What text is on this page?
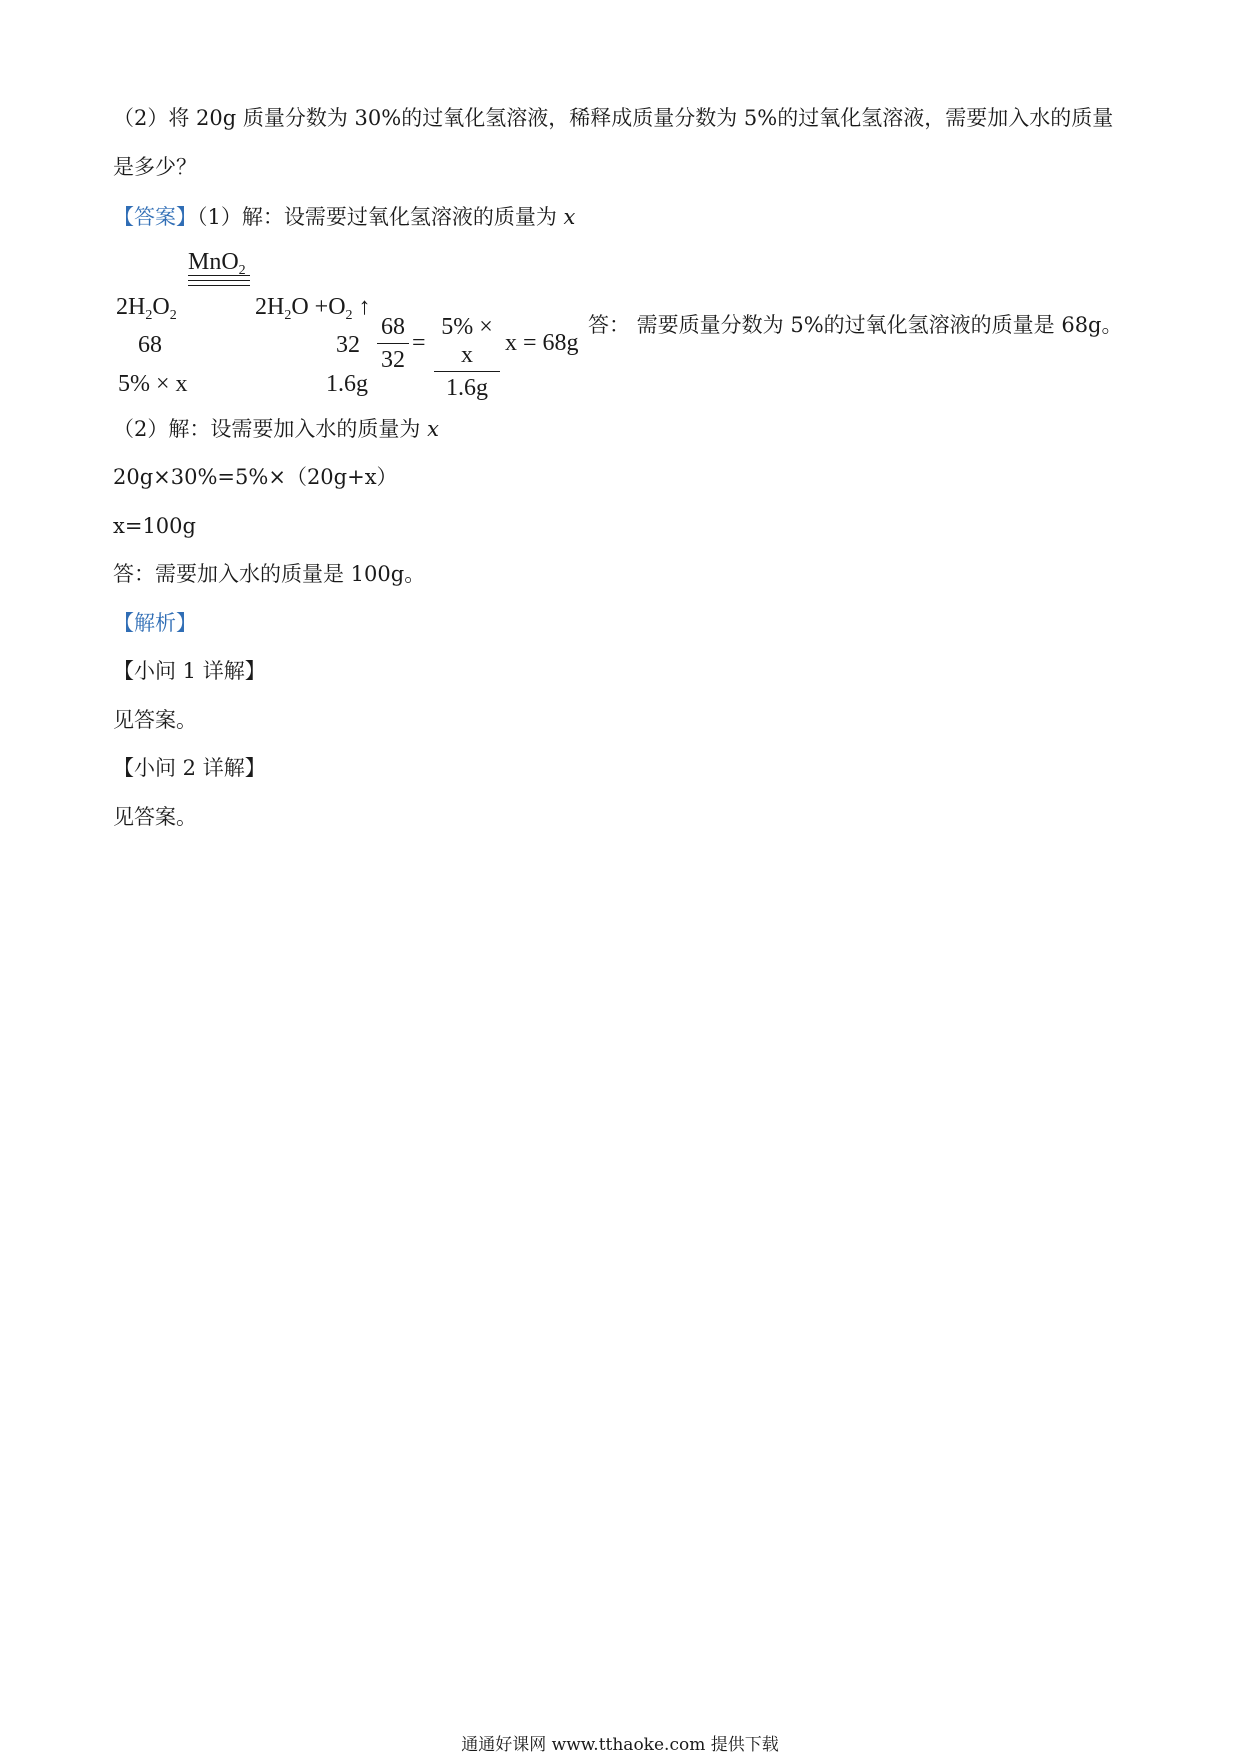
（2）将 20g 质量分数为 30%的过氧化氢溶液，稀释成质量分数为 5%的过氧化氢溶液，需要加入水的质量
是多少？
【答案】（1）解：设需要过氧化氢溶液的质量为 x
MnO$_2$
$2H_2O_2$	$2H_2O +O_2$ ↑
68	32
5% × x	1.6g
68
32
=
5% × x
1.6g
x = 68g
答： 需要质量分数为 5%的过氧化氢溶液的质量是 68g。
（2）解：设需要加入水的质量为 x
20g×30%=5%×（20g+x）
x=100g
答：需要加入水的质量是 100g。
【解析】
【小问 1 详解】
见答案。
【小问 2 详解】
见答案。
通通好课网 www.tthaoke.com 提供下载
